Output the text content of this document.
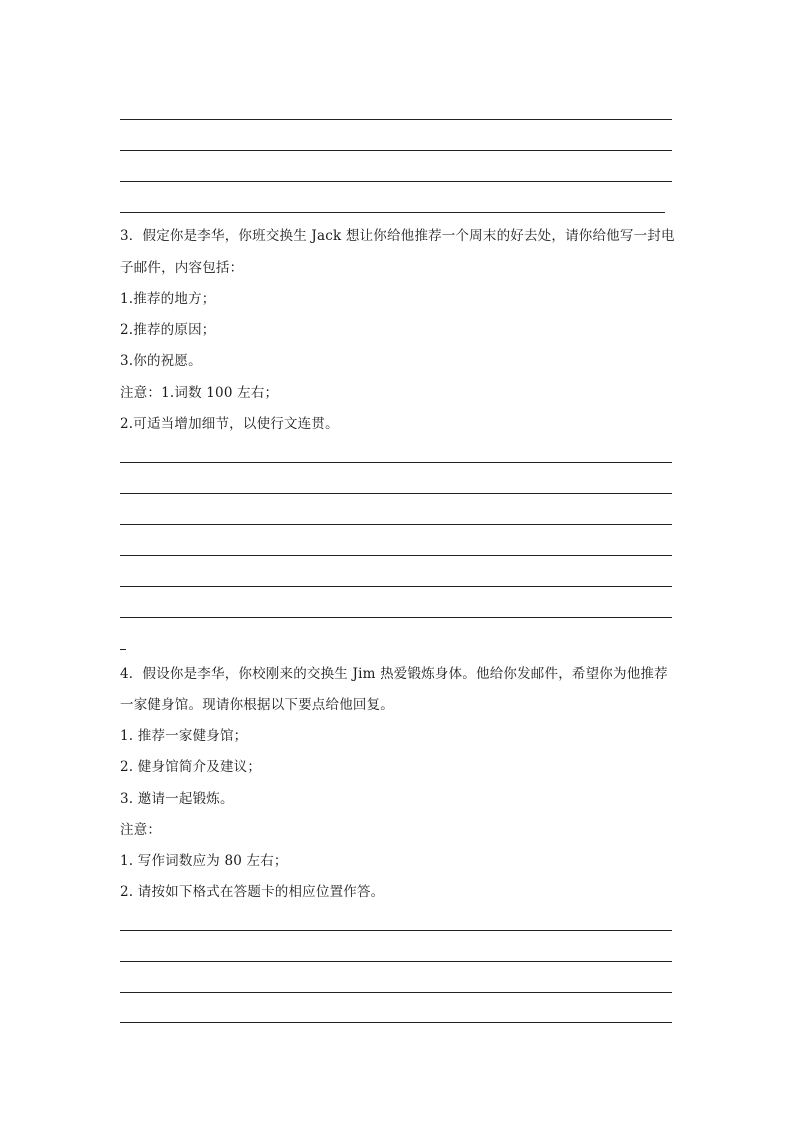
3．假定你是李华，你班交换生 Jack 想让你给他推荐一个周末的好去处，请你给他写一封电

子邮件，内容包括：

1.推荐的地方；

2.推荐的原因；

3.你的祝愿。

注意：1.词数 100 左右；

2.可适当增加细节，以使行文连贯。

4．假设你是李华，你校刚来的交换生 Jim 热爱锻炼身体。他给你发邮件，希望你为他推荐

一家健身馆。现请你根据以下要点给他回复。

1. 推荐一家健身馆；

2. 健身馆简介及建议；

3. 邀请一起锻炼。

注意：

1. 写作词数应为 80 左右；

2. 请按如下格式在答题卡的相应位置作答。
